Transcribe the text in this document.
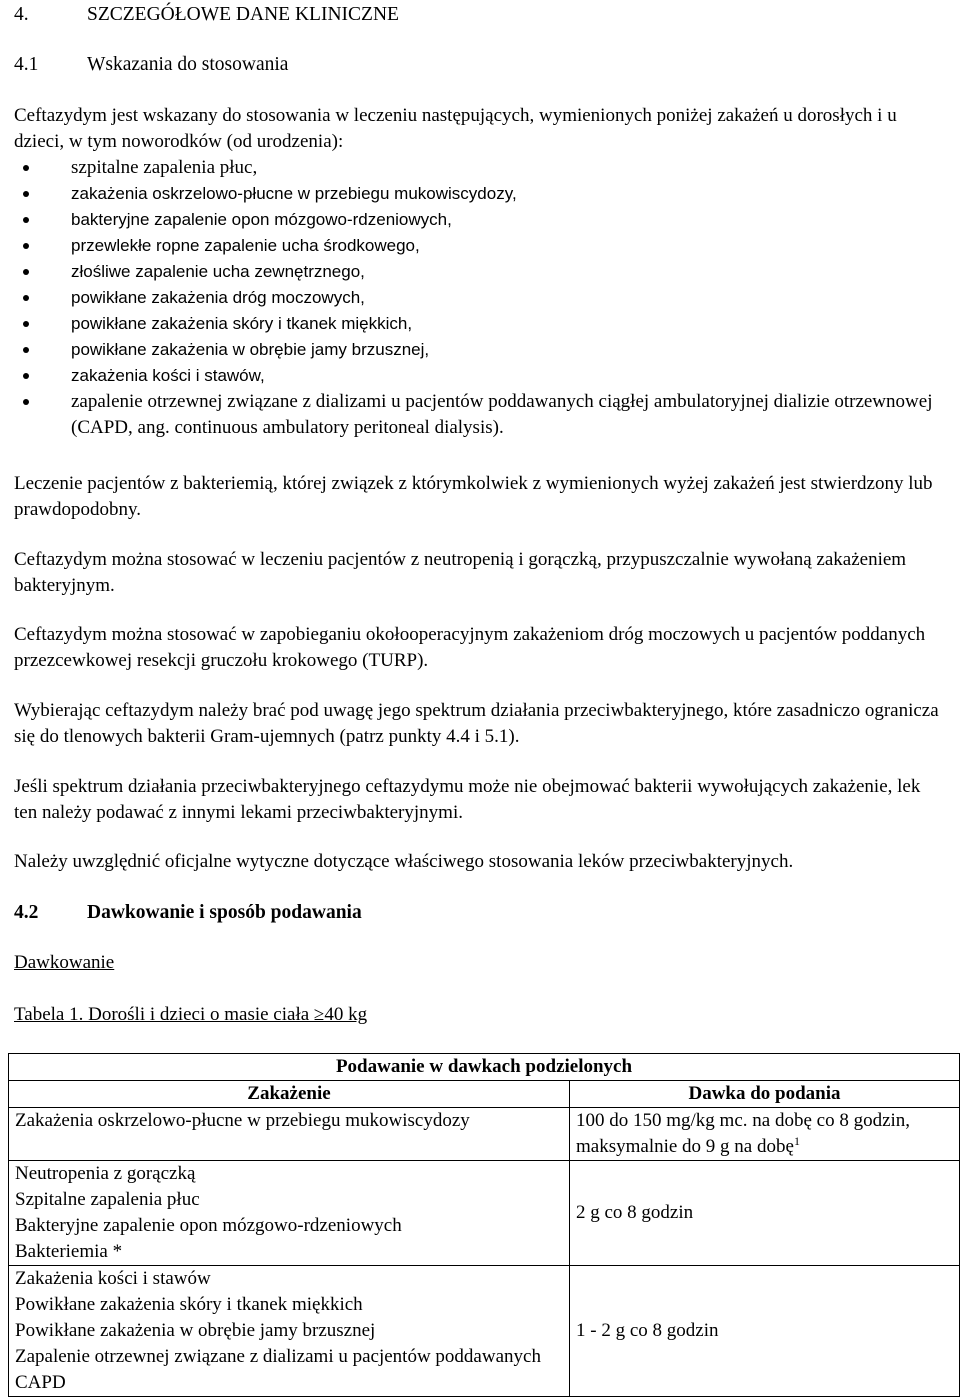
4.	SZCZEGÓŁOWE DANE KLINICZNE
4.1 Wskazania do stosowania

Ceftazydym jest wskazany do stosowania w leczeniu następujących, wymienionych poniżej zakażeń u dorosłych i u dzieci, w tym noworodków (od urodzenia):

szpitalne zapalenia płuc,
zakażenia oskrzelowo-płucne w przebiegu mukowiscydozy,
bakteryjne zapalenie opon mózgowo-rdzeniowych,
przewlekłe ropne zapalenie ucha środkowego,
złośliwe zapalenie ucha zewnętrznego,
powikłane zakażenia dróg moczowych,
powikłane zakażenia skóry i tkanek miękkich,
powikłane zakażenia w obrębie jamy brzusznej,
zakażenia kości i stawów,
zapalenie otrzewnej związane z dializami u pacjentów poddawanych ciągłej ambulatoryjnej dializie otrzewnowej (CAPD, ang. continuous ambulatory peritoneal dialysis).

Leczenie pacjentów z bakteriemią, której związek z którymkolwiek z wymienionych wyżej zakażeń jest stwierdzony lub prawdopodobny.

Ceftazydym można stosować w leczeniu pacjentów z neutropenią i gorączką, przypuszczalnie wywołaną zakażeniem bakteryjnym.

Ceftazydym można stosować w zapobieganiu okołooperacyjnym zakażeniom dróg moczowych u pacjentów poddanych przezcewkowej resekcji gruczołu krokowego (TURP).

Wybierając ceftazydym należy brać pod uwagę jego spektrum działania przeciwbakteryjnego, które zasadniczo ogranicza się do tlenowych bakterii Gram-ujemnych (patrz punkty 4.4 i 5.1).

Jeśli spektrum działania przeciwbakteryjnego ceftazydymu może nie obejmować bakterii wywołujących zakażenie, lek ten należy podawać z innymi lekami przeciwbakteryjnymi.

Należy uwzględnić oficjalne wytyczne dotyczące właściwego stosowania leków przeciwbakteryjnych.

4.2 Dawkowanie i sposób podawania
Dawkowanie
Tabela 1. Dorośli i dzieci o masie ciała ≥40 kg
Podawanie w dawkach podzielonych	
Zakażenie	Dawka do podania
Zakażenia oskrzelowo-płucne w przebiegu mukowiscydozy	100 do 150 mg/kg mc. na dobę co 8 godzin, maksymalnie do 9 g na dobę$^1$

Neutropenia z gorączką
Szpitalne zapalenia płuc
Bakteryjne zapalenie opon mózgowo-rdzeniowych
Bakteriemia *	2 g co 8 godzin

Zakażenia kości i stawów
Powikłane zakażenia skóry i tkanek miękkich
Powikłane zakażenia w obrębie jamy brzusznej
Zapalenie otrzewnej związane z dializami u pacjentów poddawanych CAPD	1 - 2 g co 8 godzin
